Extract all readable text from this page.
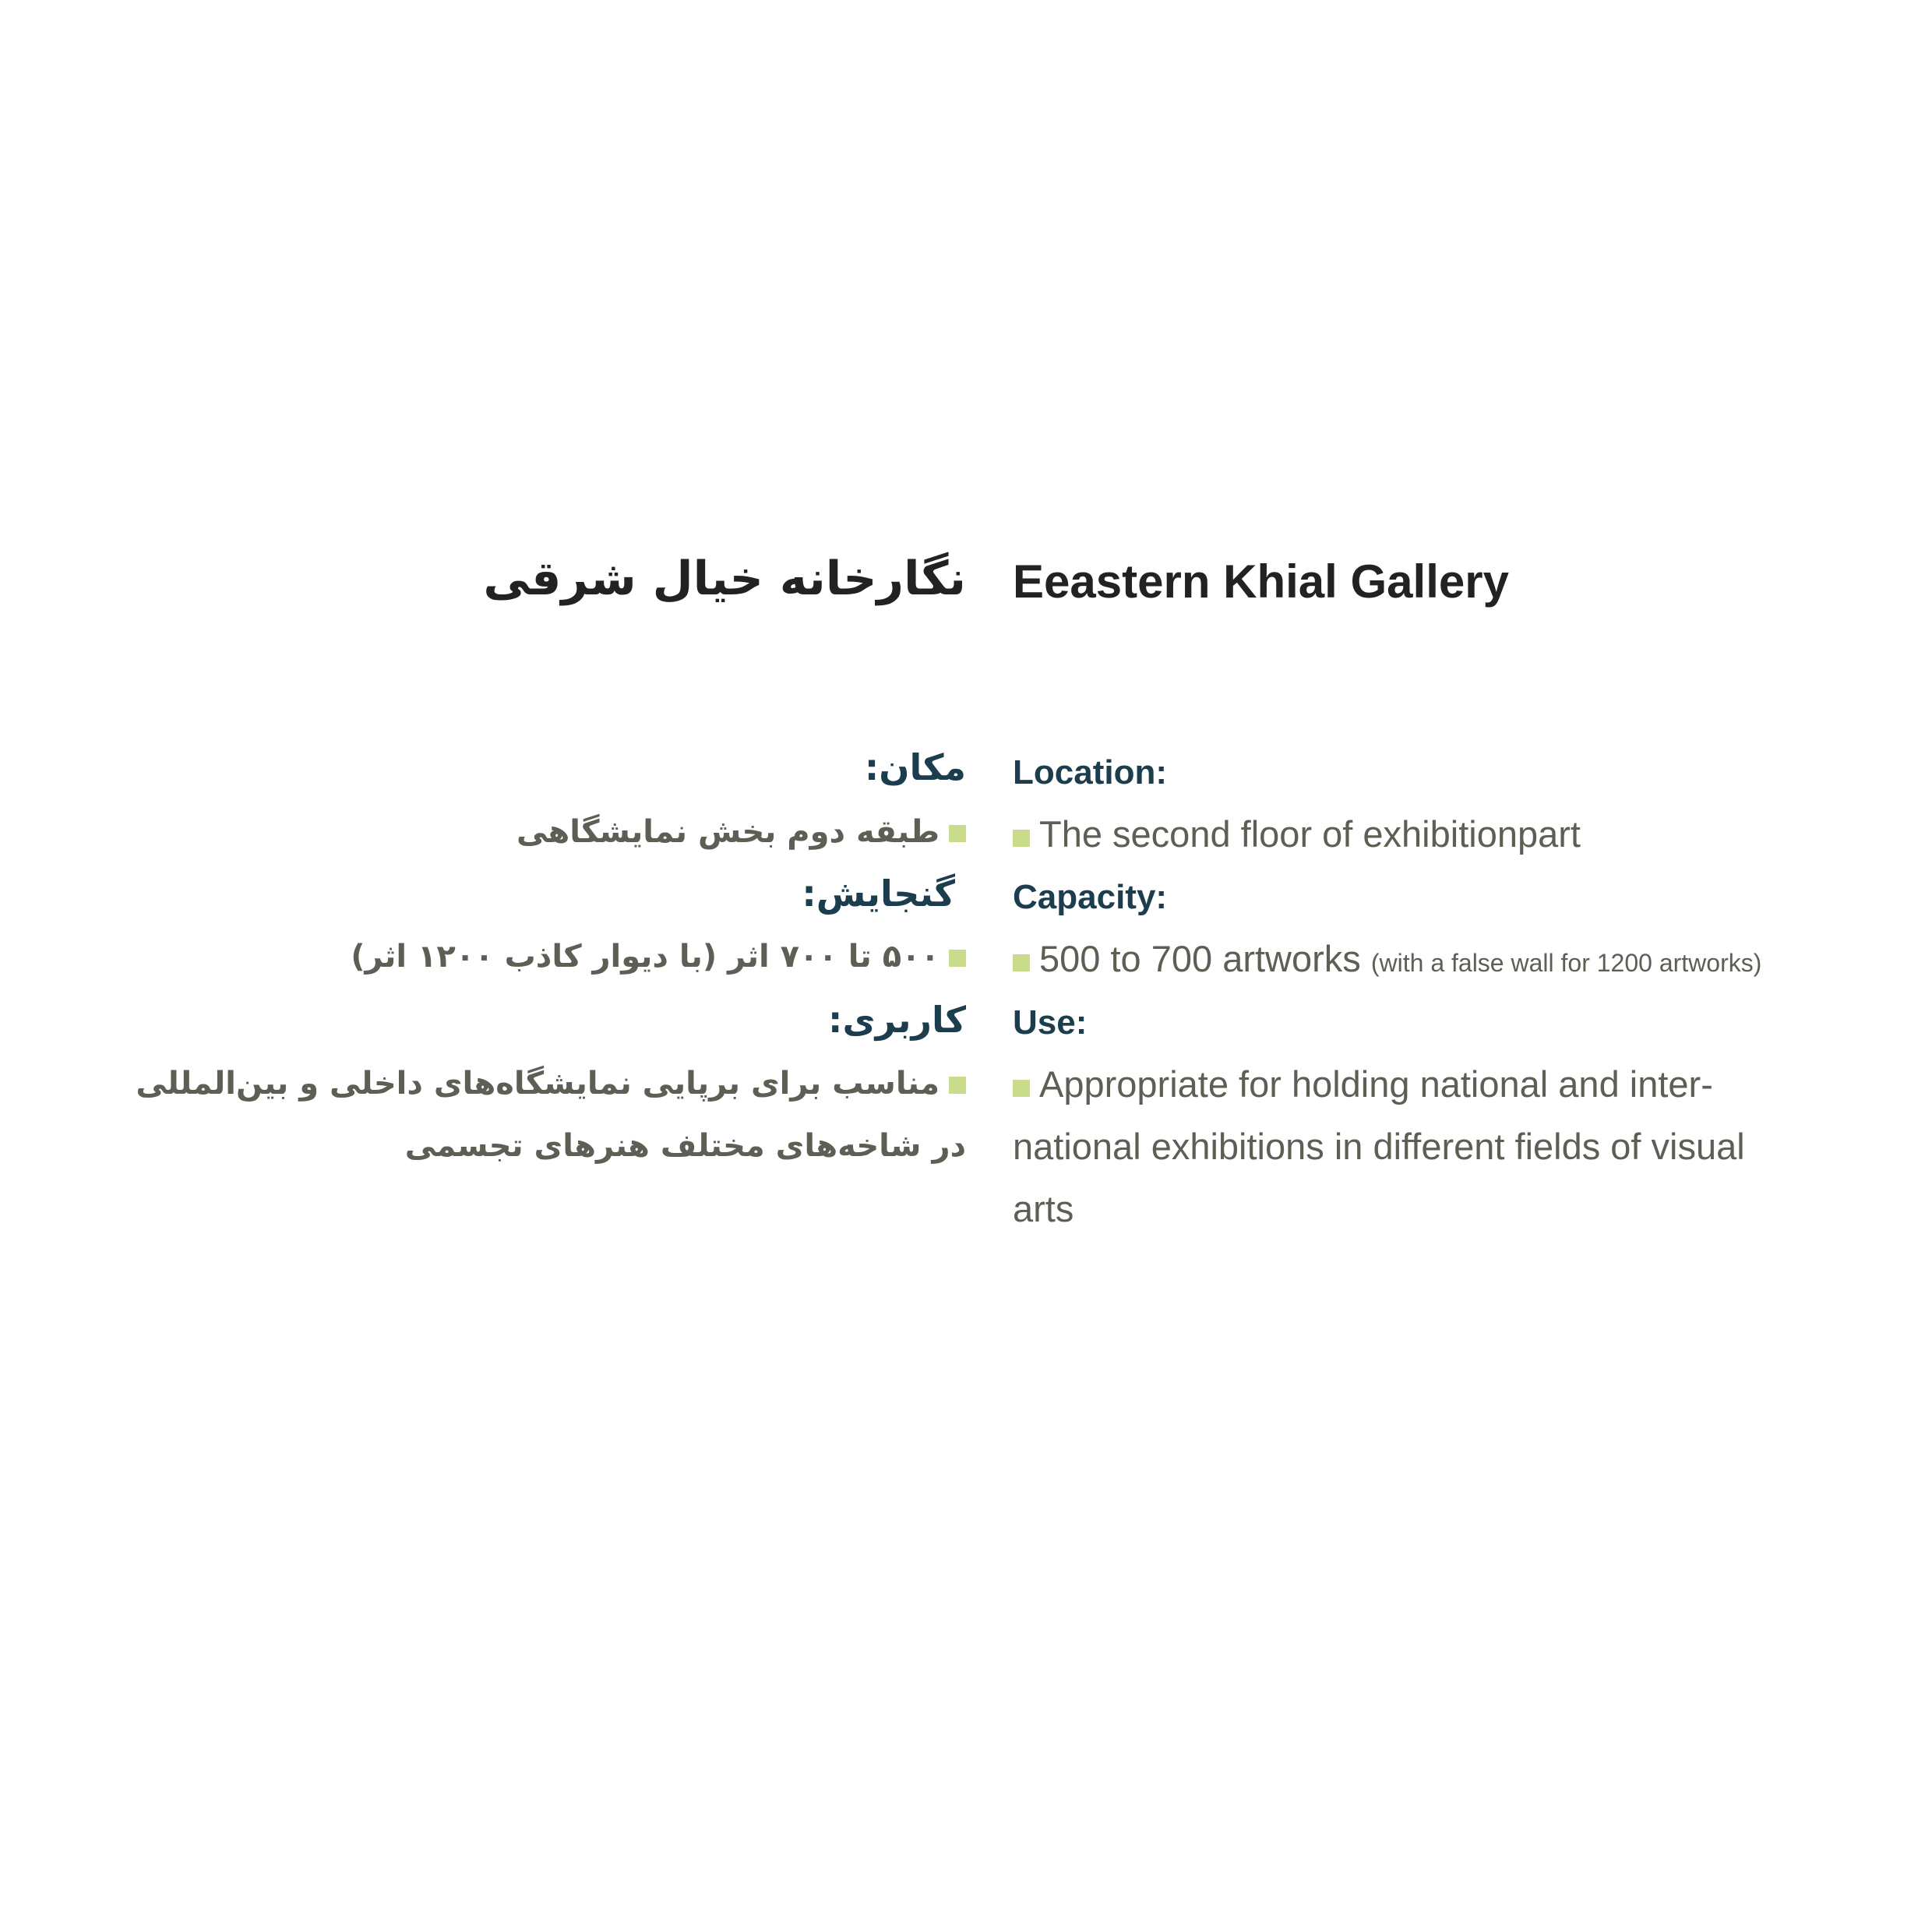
نگارخانه خیال شرقی
مکان:
طبقه دوم بخش نمایشگاهی
گنجایش:
۵۰۰ تا ۷۰۰ اثر (با دیوار کاذب ۱۲۰۰ اثر)
کاربری:
مناسب برای برپایی نمایشگاه‌های داخلی و بین‌المللی
در شاخه‌های مختلف هنرهای تجسمی
Eeastern Khial Gallery
Location:
The second floor of exhibitionpart
Capacity:
500 to 700 artworks (with a false wall for 1200 artworks)
Use:
Appropriate for holding national and inter-
national exhibitions in different fields of visual
arts
